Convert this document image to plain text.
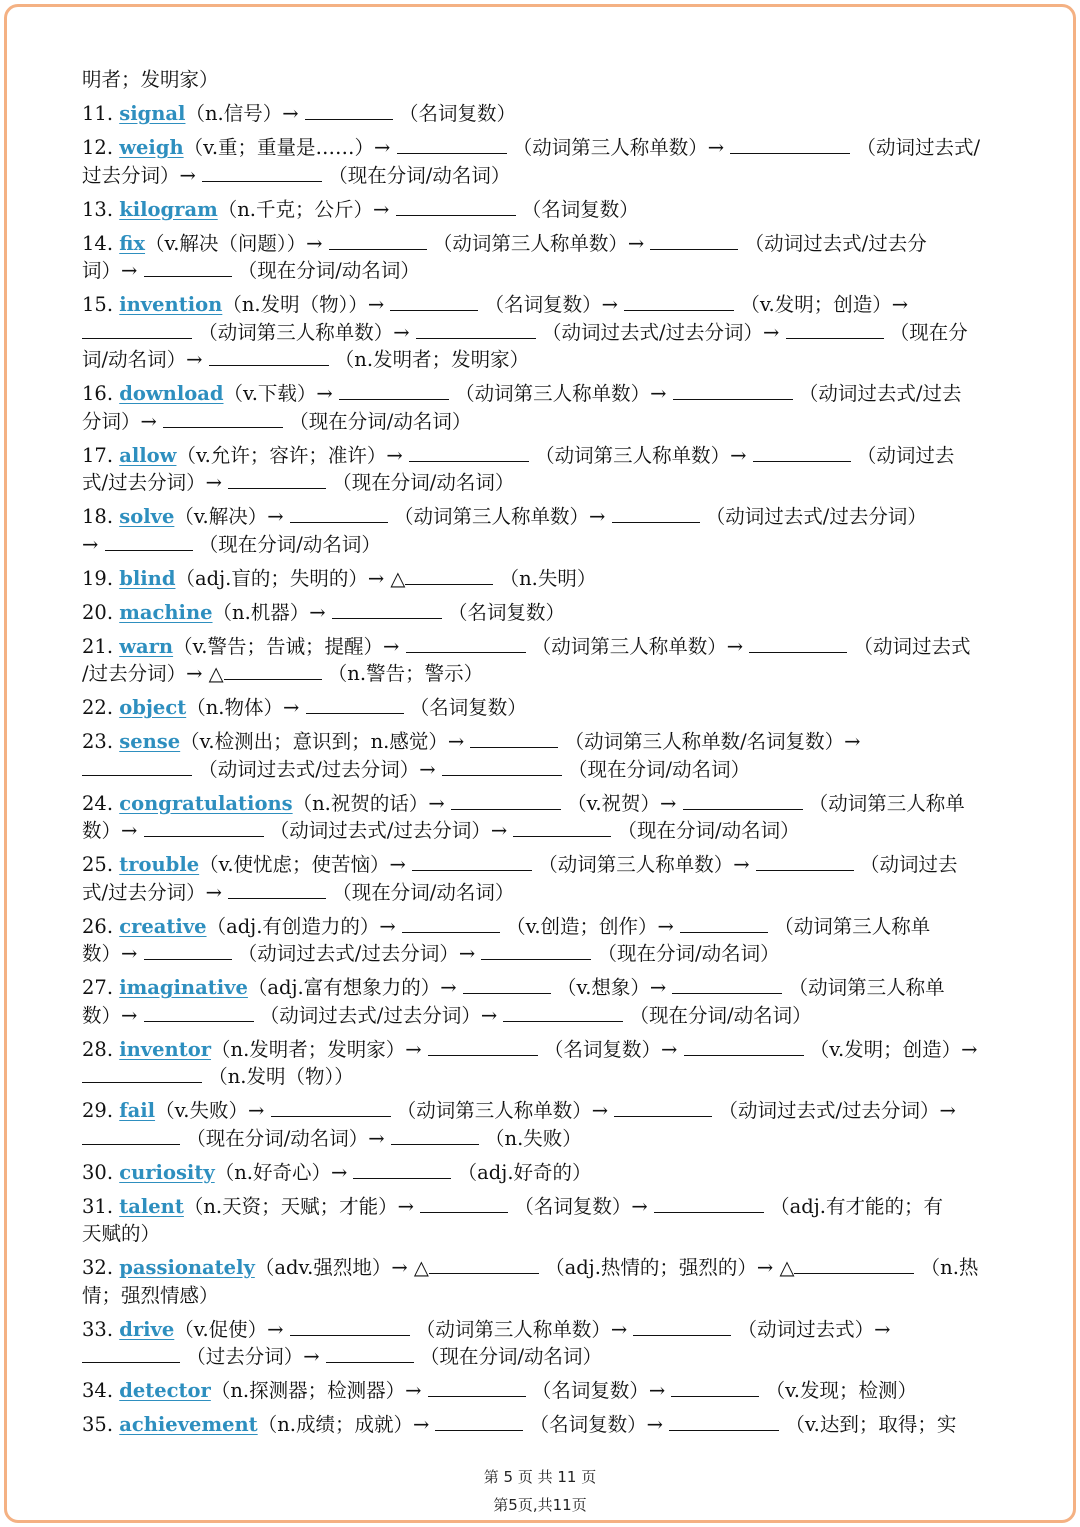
明者；发明家）
11. signal（n.信号）→	（名词复数）
12. weigh（v.重；重量是……）→	（动词第三人称单数）→	（动词过去式/
过去分词）→	（现在分词/动名词）
13. kilogram（n.千克；公斤）→	（名词复数）
14. fix（v.解决（问题））→	（动词第三人称单数）→	（动词过去式/过去分
词）→	（现在分词/动名词）
15. invention（n.发明（物））→	（名词复数）→	（v.发明；创造）→
（动词第三人称单数）→	（动词过去式/过去分词）→	（现在分
词/动名词）→	（n.发明者；发明家）
16. download（v.下载）→	（动词第三人称单数）→	（动词过去式/过去
分词）→	（现在分词/动名词）
17. allow（v.允许；容许；准许）→	（动词第三人称单数）→	（动词过去
式/过去分词）→	（现在分词/动名词）
18. solve（v.解决）→	（动词第三人称单数）→	（动词过去式/过去分词）
→	（现在分词/动名词）
19. blind（adj.盲的；失明的）→ △	（n.失明）
20. machine（n.机器）→	（名词复数）
21. warn（v.警告；告诫；提醒）→	（动词第三人称单数）→	（动词过去式
/过去分词）→ △	（n.警告；警示）
22. object（n.物体）→	（名词复数）
23. sense（v.检测出；意识到；n.感觉）→	（动词第三人称单数/名词复数）→
（动词过去式/过去分词）→	（现在分词/动名词）
24. congratulations（n.祝贺的话）→	（v.祝贺）→	（动词第三人称单
数）→	（动词过去式/过去分词）→	（现在分词/动名词）
25. trouble（v.使忧虑；使苦恼）→	（动词第三人称单数）→	（动词过去
式/过去分词）→	（现在分词/动名词）
26. creative（adj.有创造力的）→	（v.创造；创作）→	（动词第三人称单
数）→	（动词过去式/过去分词）→	（现在分词/动名词）
27. imaginative（adj.富有想象力的）→	（v.想象）→	（动词第三人称单
数）→	（动词过去式/过去分词）→	（现在分词/动名词）
28. inventor（n.发明者；发明家）→	（名词复数）→	（v.发明；创造）→
（n.发明（物））
29. fail（v.失败）→	（动词第三人称单数）→	（动词过去式/过去分词）→
（现在分词/动名词）→	（n.失败）
30. curiosity（n.好奇心）→	（adj.好奇的）
31. talent（n.天资；天赋；才能）→	（名词复数）→	（adj.有才能的；有
天赋的）
32. passionately（adv.强烈地）→ △	（adj.热情的；强烈的）→ △	（n.热
情；强烈情感）
33. drive（v.促使）→	（动词第三人称单数）→	（动词过去式）→
（过去分词）→	（现在分词/动名词）
34. detector（n.探测器；检测器）→	（名词复数）→	（v.发现；检测）
35. achievement（n.成绩；成就）→	（名词复数）→	（v.达到；取得；实
第 5 页 共 11 页
第5页,共11页
